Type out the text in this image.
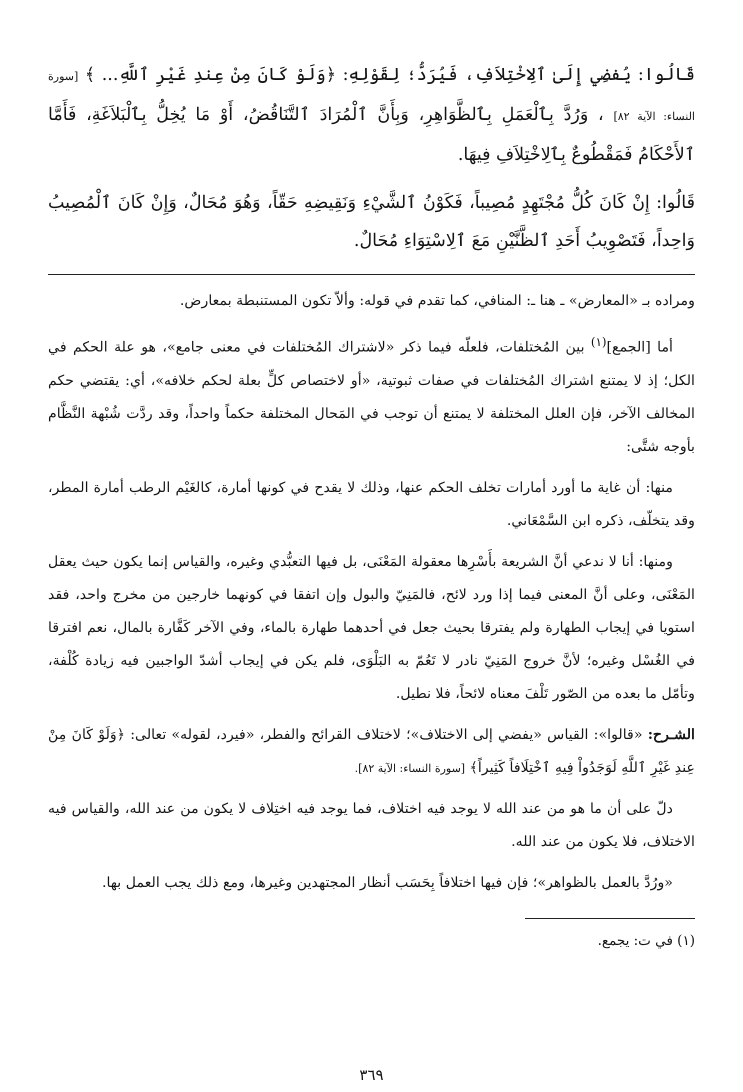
قَالُوا: يُفضِي إِلَىٰ ٱلِاخْتِلاَفِ، فَيُرَدُّ؛ لِقَوْلِهِ: ﴿وَلَوْ كَانَ مِنْ عِندِ غَيْرِ ٱللَّهِ... ﴾ [سورة النساء: الآية ٨٢] ، وَرُدَّ بِٱلْعَمَلِ بِٱلظَّوَاهِرِ، وَبِأَنَّ ٱلْمُرَادَ ٱلتَّنَاقُضُ، أَوْ مَا يُخِلُّ بِٱلْبَلاَغَةِ، فَأَمَّا ٱلأَحْكَامُ فَمَقْطُوعٌ بِٱلِاخْتِلاَفِ فِيهَا.

قَالُوا: إِنْ كَانَ كُلُّ مُجْتَهِدٍ مُصِيباً، فَكَوْنُ ٱلشَّيْءِ وَنَقِيضِهِ حَقّاً، وَهُوَ مُحَالٌ، وَإِنْ كَانَ ٱلْمُصِيبُ وَاحِداً، فَتَصْوِيبُ أَحَدِ ٱلظَّنَّيْنِ مَعَ ٱلِاسْتِوَاءِ مُحَالٌ.

ومراده بـ «المعارض» ـ هنا ـ: المنافي، كما تقدم في قوله: وألاّ تكون المستنبطة بمعارض.

أما [الجمع]$^{(١)}$ بين المُختلفات، فلعلّه فيما ذكر «لاشتراك المُختلفات في معنى جامع»، هو علة الحكم في الكل؛ إذ لا يمتنع اشتراك المُختلفات في صفات ثبوتية، «أو لاختصاص كلٍّ بعلة لحكم خلافه»، أي: يقتضي حكم المخالف الآخر، فإن العلل المختلفة لا يمتنع أن توجب في المَحال المختلفة حكماً واحداً، وقد ردَّت شُبْهة النَّظَّام بأوجه شتَّى:

منها: أن غاية ما أورد أمارات تخلف الحكم عنها، وذلك لا يقدح في كونها أمارة، كالغَيْم الرطب أمارة المطر، وقد يتخلّف، ذكره ابن السَّمْعَاني.

ومنها: أنا لا ندعي أنَّ الشريعة بأَسْرِها معقولة المَعْنَى، بل فيها التعبُّدي وغيره، والقياس إنما يكون حيث يعقل المَعْنَى، وعلى أنَّ المعنى فيما إذا ورد لائح، فالمَنِيّ والبول وإن اتفقا في كونهما خارجين من مخرج واحد، فقد استويا في إيجاب الطهارة ولم يفترقا بحيث جعل في أحدهما طهارة بالماء، وفي الآخر كَفَّارة بالمال، نعم افترقا في الغُسْل وغيره؛ لأنَّ خروج المَنِيّ نادر لا تَعُمّ به البَلْوَى، فلم يكن في إيجاب أشدّ الواجبين فيه زيادة كُلْفة، وتأمّل ما بعده من الصّور تَلْفَ معناه لائحاً، فلا نطيل.

الشـرح: «قالوا»: القياس «يفضي إلى الاختلاف»؛ لاختلاف القرائح والفطر، «فيرد، لقوله» تعالى: ﴿وَلَوْ كَانَ مِنْ عِندِ غَيْرِ ٱللَّهِ لَوَجَدُواْ فِيهِ ٱخْتِلَافاً كَثِيراً﴾ [سورة النساء: الآية ٨٢].

دلّ على أن ما هو من عند الله لا يوجد فيه اختلاف، فما يوجد فيه اختِلاف لا يكون من عند الله، والقياس فيه الاختلاف، فلا يكون من عند الله.

«ورُدَّ بالعمل بالظواهر»؛ فإن فيها اختلافاً بِحَسَب أنظار المجتهدين وغيرها، ومع ذلك يجب العمل بها.

(١) في ت: يجمع.
٣٦٩
